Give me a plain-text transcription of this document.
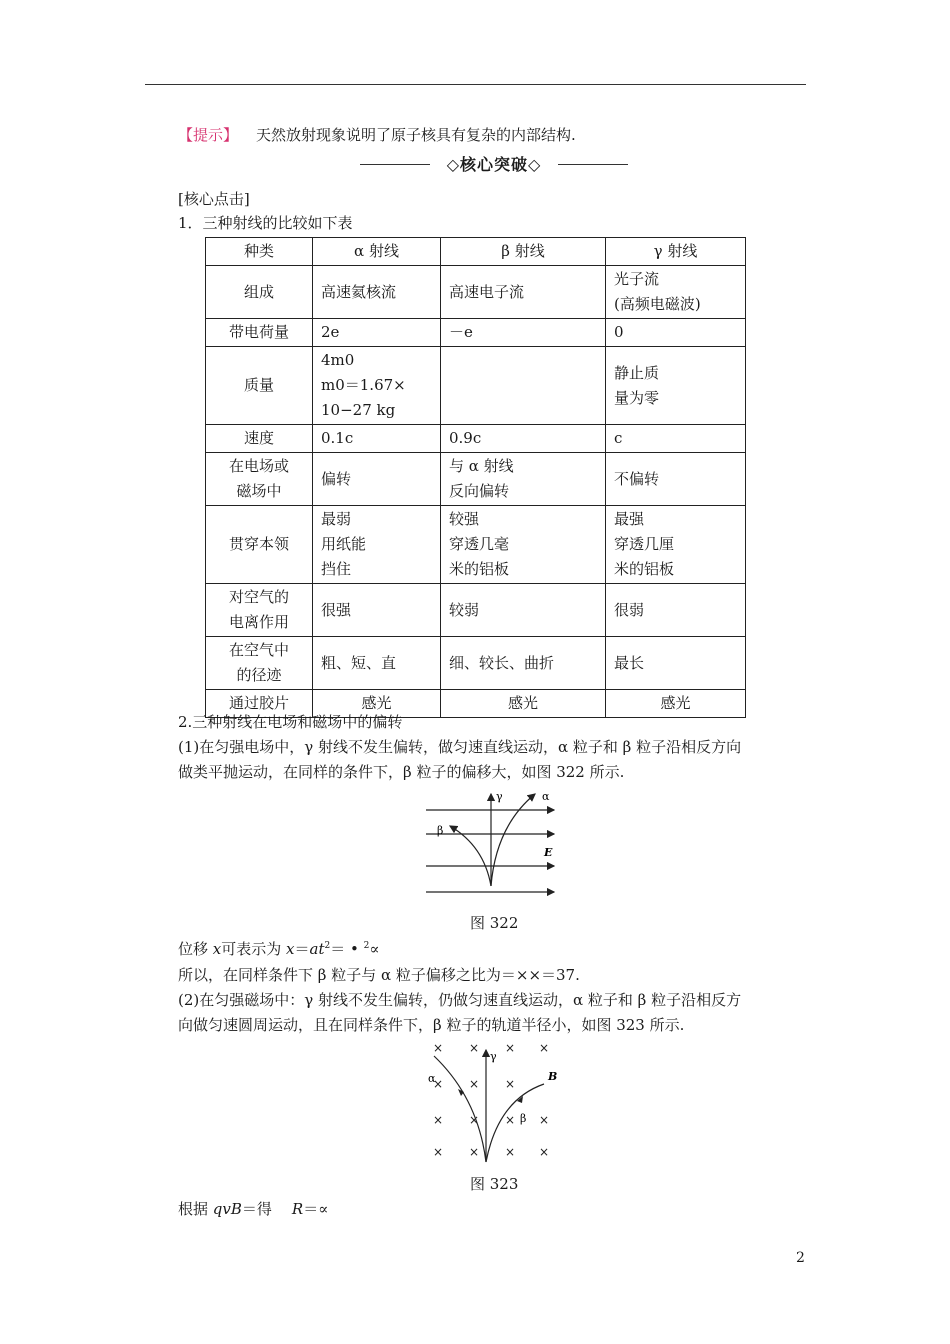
【提示】 天然放射现象说明了原子核具有复杂的内部结构.
◇核心突破◇
[核心点击]
1．三种射线的比较如下表
种类	α 射线	β 射线	γ 射线

组成	高速氦核流	高速电子流	光子流
(高频电磁波)

带电荷量	2e	－e	0

质量	4m0
m0＝1.67×
10−27 kg		静止质
量为零

速度	0.1c	0.9c	c

在电场或
磁场中	偏转	与 α 射线
反向偏转	不偏转

贯穿本领	最弱
用纸能
挡住	较强
穿透几毫
米的铝板	最强
穿透几厘
米的铝板

对空气的
电离作用	很强	较弱	很弱

在空气中
的径迹	粗、短、直	细、较长、曲折	最长

通过胶片	感光	感光	感光
2.三种射线在电场和磁场中的偏转
(1)在匀强电场中，γ 射线不发生偏转，做匀速直线运动，α 粒子和 β 粒子沿相反方向
做类平抛运动，在同样的条件下，β 粒子的偏移大，如图 322 所示.
γ	α
β
E
图 322
位移 x可表示为 $x=at^2=$ • $^2$∝
所以，在同样条件下 β 粒子与 α 粒子偏移之比为＝××＝37.
(2)在匀强磁场中：γ 射线不发生偏转，仍做匀速直线运动，α 粒子和 β 粒子沿相反方
向做匀速圆周运动，且在同样条件下，β 粒子的轨道半径小，如图 323 所示.
× × × ×
× × ×
× × × ×
× × × ×
γ
α
β
B
图 323
根据 qvB＝得 R＝∝
2
